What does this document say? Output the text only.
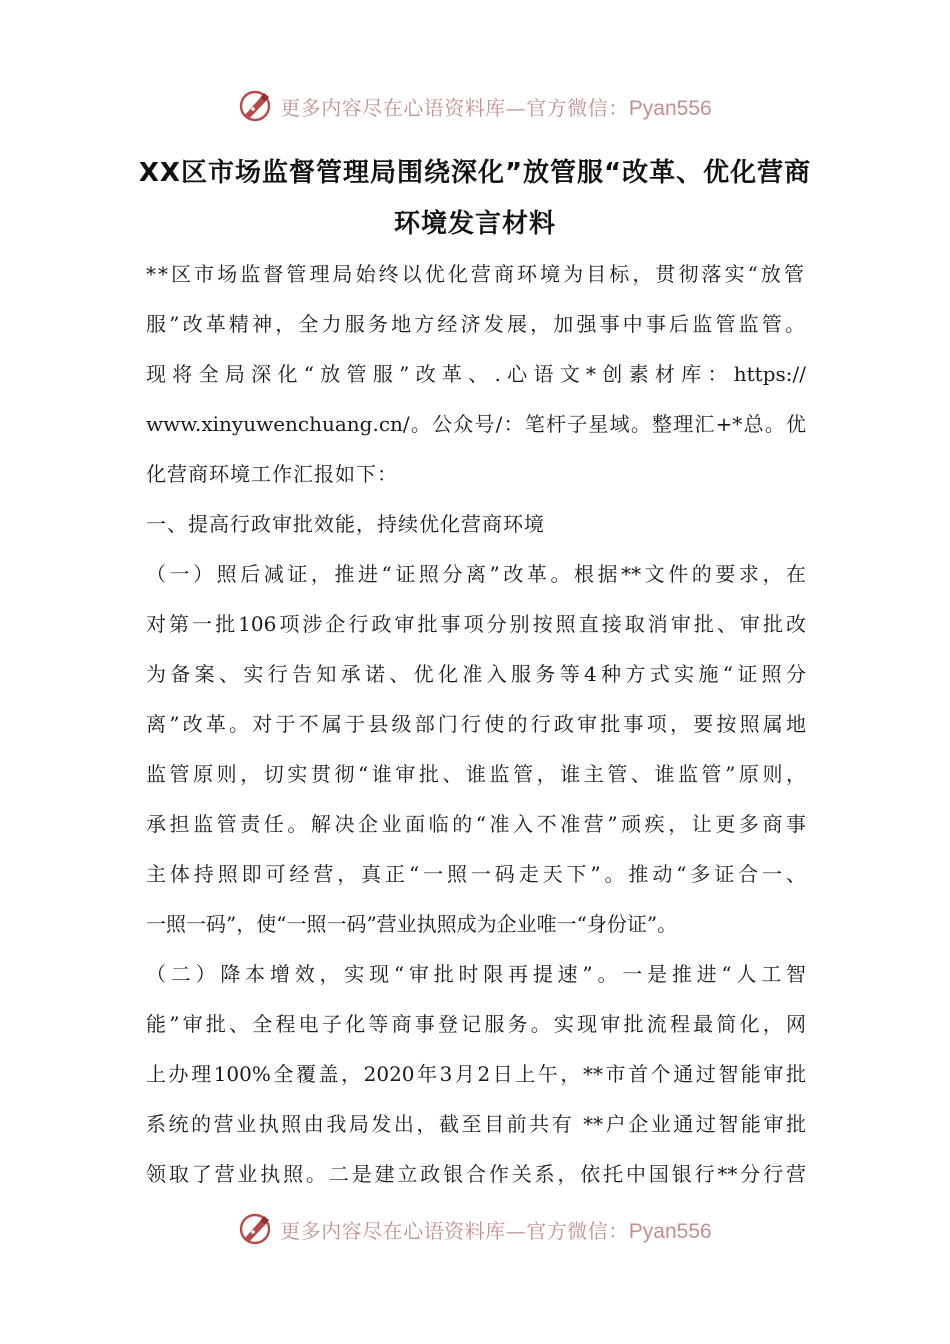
更多内容尽在心语资料库—官方微信：Pyan556
XX区市场监督管理局围绕深化”放管服“改革、优化营商
环境发言材料
**区市场监督管理局始终以优化营商环境为目标，贯彻落实“放管
服”改革精神，全力服务地方经济发展，加强事中事后监管监管。
现将全局深化“放管服”改革、.心语文*创素材库：https://
www.xinyuwenchuang.cn/。公众号/：笔杆子星域。整理汇+*总。优
化营商环境工作汇报如下：
一、提高行政审批效能，持续优化营商环境
（一）照后减证，推进“证照分离”改革。根据**文件的要求，在
对第一批106项涉企行政审批事项分别按照直接取消审批、审批改
为备案、实行告知承诺、优化准入服务等4种方式实施“证照分
离”改革。对于不属于县级部门行使的行政审批事项，要按照属地
监管原则，切实贯彻“谁审批、谁监管，谁主管、谁监管”原则，
承担监管责任。解决企业面临的“准入不准营”顽疾，让更多商事
主体持照即可经营，真正“一照一码走天下”。推动“多证合一、
一照一码”，使“一照一码”营业执照成为企业唯一“身份证”。
（二）降本增效，实现“审批时限再提速”。一是推进“人工智
能”审批、全程电子化等商事登记服务。实现审批流程最简化，网
上办理100%全覆盖，2020年3月2日上午，**市首个通过智能审批
系统的营业执照由我局发出，截至目前共有 **户企业通过智能审批
领取了营业执照。二是建立政银合作关系，依托中国银行**分行营
更多内容尽在心语资料库—官方微信：Pyan556
